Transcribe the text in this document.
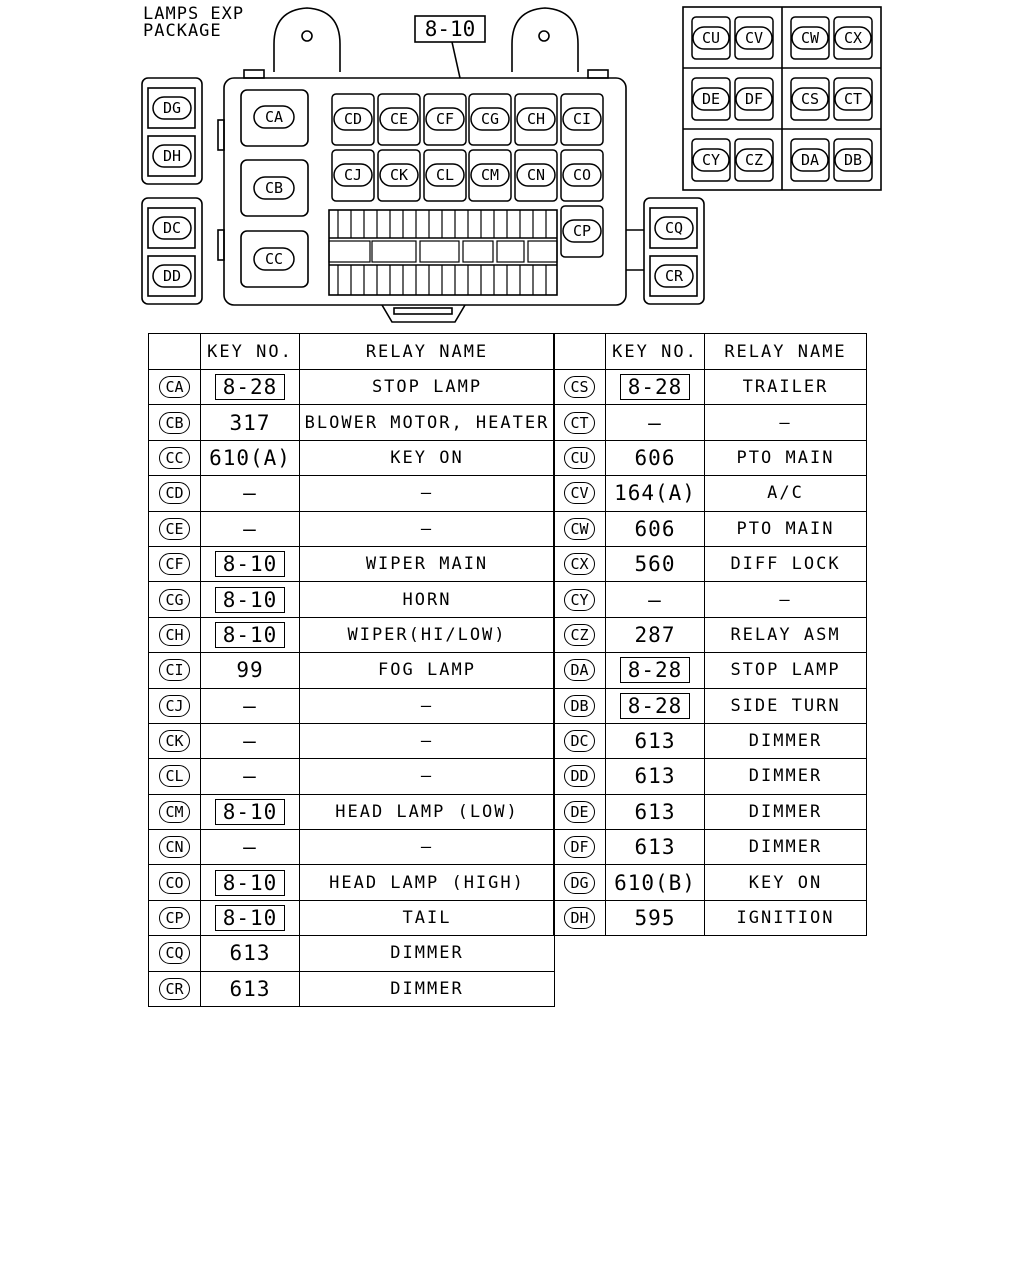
LAMPS EXP
PACKAGE	8-10
CD
CJ
CE
CK
CF
CL
CG
CM
CH
CN
CI
CO
CP
CA
CB
CC
DG
DH
DC
DD
CQ
CR
CU CV	CW CX
DE DF	CS CT
CY CZ	DA DB
	KEY NO.	RELAY NAME
CA	8-28	STOP LAMP
CB	317	BLOWER MOTOR, HEATER
CC	610(A)	KEY ON
CD	—	—
CE	—	—
CF	8-10	WIPER MAIN
CG	8-10	HORN
CH	8-10	WIPER(HI/LOW)
CI	99	FOG LAMP
CJ	—	—
CK	—	—
CL	—	—
CM	8-10	HEAD LAMP (LOW)
CN	—	—
CO	8-10	HEAD LAMP (HIGH)
CP	8-10	TAIL
CQ	613	DIMMER
CR	613	DIMMER
	KEY NO.	RELAY NAME
CS	8-28	TRAILER
CT	—	—
CU	606	PTO MAIN
CV	164(A)	A/C
CW	606	PTO MAIN
CX	560	DIFF LOCK
CY	—	—
CZ	287	RELAY ASM
DA	8-28	STOP LAMP
DB	8-28	SIDE TURN
DC	613	DIMMER
DD	613	DIMMER
DE	613	DIMMER
DF	613	DIMMER
DG	610(B)	KEY ON
DH	595	IGNITION
